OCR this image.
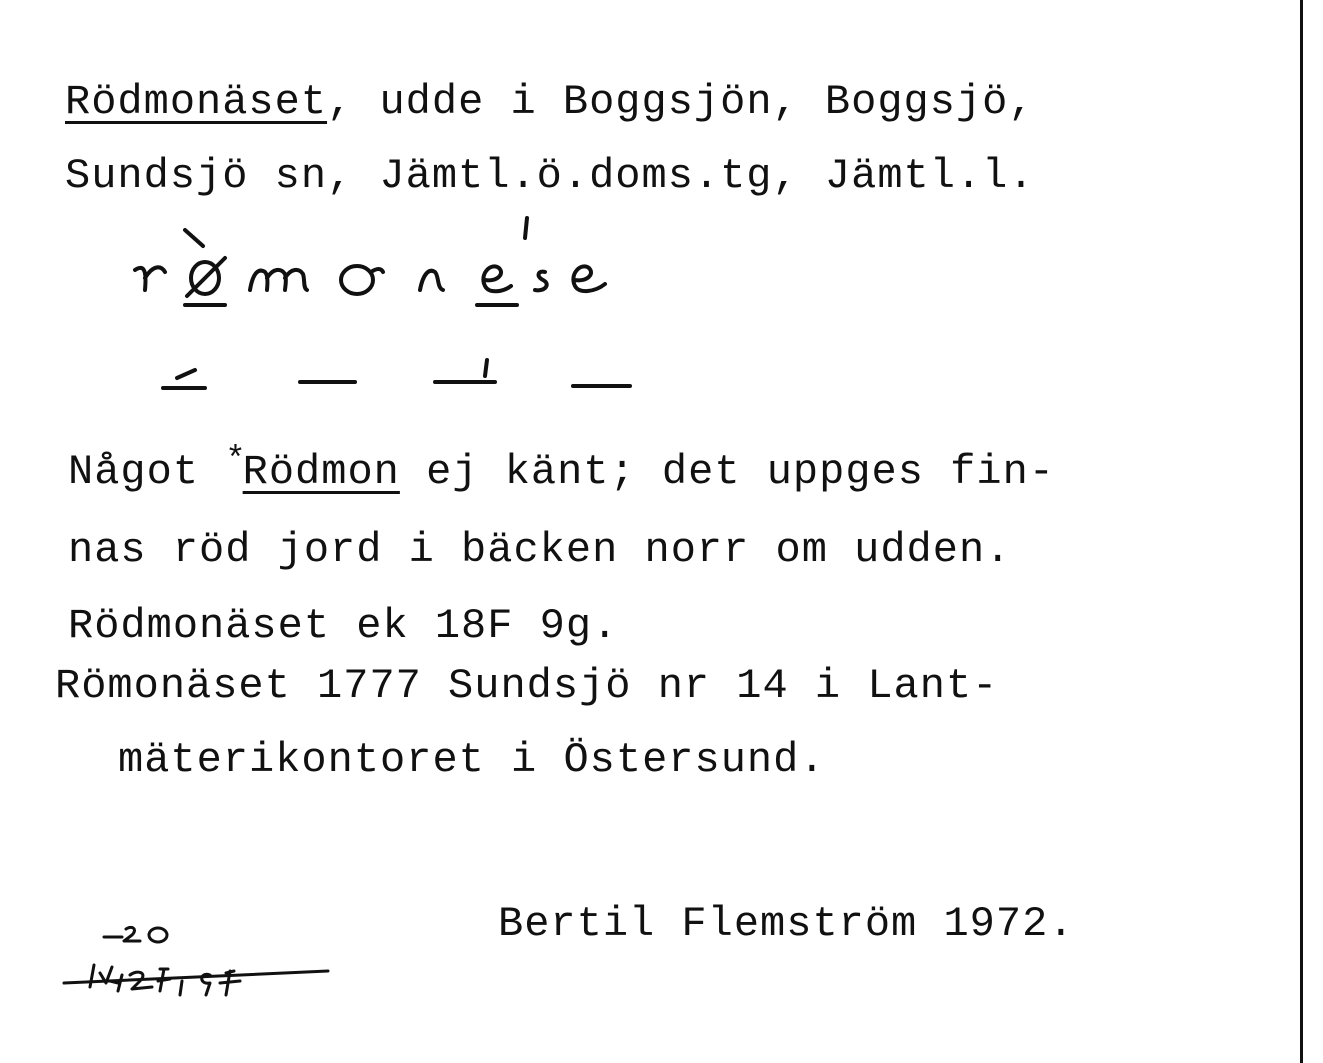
Rödmonäset, udde i Boggsjön, Boggsjö,
Sundsjö sn, Jämtl.ö.doms.tg, Jämtl.l.
Något *Rödmon ej känt; det uppges fin-
nas röd jord i bäcken norr om udden.
Rödmonäset ek 18F 9g.
Römonäset 1777 Sundsjö nr 14 i Lant-
mäterikontoret i Östersund.
Bertil Flemström 1972.
